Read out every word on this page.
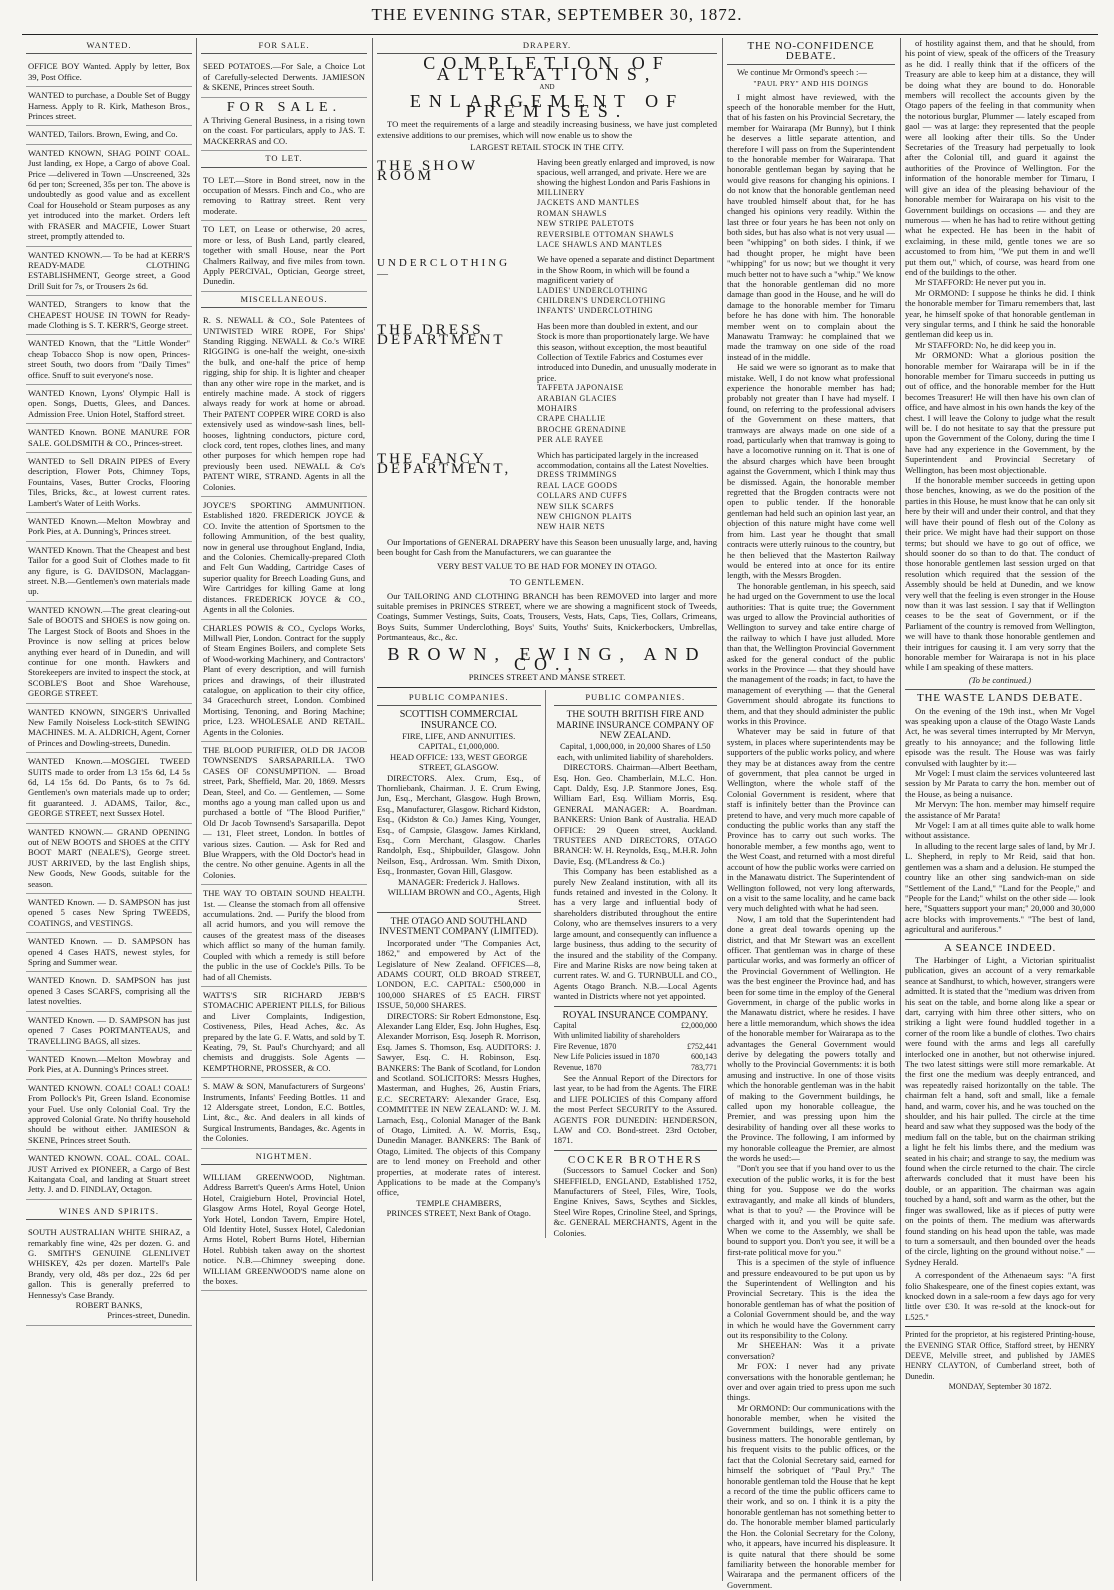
THE EVENING STAR, SEPTEMBER 30, 1872.
WANTED.
OFFICE BOY Wanted. Apply by letter, Box 39, Post Office.
WANTED to purchase, a Double Set of Buggy Harness. Apply to R. Kirk, Matheson Bros., Princes street.
WANTED, Tailors. Brown, Ewing, and Co.
WANTED KNOWN, SHAG POINT COAL. Just landing, ex Hope, a Cargo of above Coal. Price —delivered in Town —Unscreened, 32s 6d per ton; Screened, 35s per ton. The above is undoubtedly as good value and as excellent Coal for Household or Steam purposes as any yet introduced into the market. Orders left with FRASER and MACFIE, Lower Stuart street, promptly attended to.
WANTED KNOWN.— To be had at KERR'S READY-MADE CLOTHING ESTABLISHMENT, George street, a Good Drill Suit for 7s, or Trousers 2s 6d.
WANTED, Strangers to know that the CHEAPEST HOUSE IN TOWN for Ready-made Clothing is S. T. KERR'S, George street.
WANTED Known, that the "Little Wonder" cheap Tobacco Shop is now open, Princes-street South, two doors from "Daily Times" office. Snuff to suit everyone's nose.
WANTED Known, Lyons' Olympic Hall is open. Songs, Duetts, Glees, and Dances. Admission Free. Union Hotel, Stafford street.
WANTED Known. BONE MANURE FOR SALE. GOLDSMITH & CO., Princes-street.
WANTED to Sell DRAIN PIPES of Every description, Flower Pots, Chimney Tops, Fountains, Vases, Butter Crocks, Flooring Tiles, Bricks, &c., at lowest current rates. Lambert's Water of Leith Works.
WANTED Known.—Melton Mowbray and Pork Pies, at A. Dunning's, Princes street.
WANTED Known. That the Cheapest and best Tailor for a good Suit of Clothes made to fit any figure, is G. DAVIDSON, Maclaggan-street. N.B.—Gentlemen's own materials made up.
WANTED KNOWN.—The great clearing-out Sale of BOOTS and SHOES is now going on. The Largest Stock of Boots and Shoes in the Province is now selling at prices below anything ever heard of in Dunedin, and will continue for one month. Hawkers and Storekeepers are invited to inspect the stock, at SCOBLE'S Boot and Shoe Warehouse, GEORGE STREET.
WANTED KNOWN, SINGER'S Unrivalled New Family Noiseless Lock-stitch SEWING MACHINES. M. A. ALDRICH, Agent, Corner of Princes and Dowling-streets, Dunedin.
WANTED Known.—MOSGIEL TWEED SUITS made to order from L3 15s 6d, L4 5s 6d, L4 15s 6d. Do Pants, 6s to 7s 6d. Gentlemen's own materials made up to order; fit guaranteed. J. ADAMS, Tailor, &c., GEORGE STREET, next Sussex Hotel.
WANTED KNOWN.— GRAND OPENING out of NEW BOOTS and SHOES at the CITY BOOT MART (NEALE'S), George street. JUST ARRIVED, by the last English ships, New Goods, New Goods, suitable for the season.
WANTED Known. — D. SAMPSON has just opened 5 cases New Spring TWEEDS, COATINGS, and VESTINGS.
WANTED Known. — D. SAMPSON has opened 4 Cases HATS, newest styles, for Spring and Summer wear.
WANTED Known. D. SAMPSON has just opened 3 Cases SCARFS, comprising all the latest novelties.
WANTED Known. — D. SAMPSON has just opened 7 Cases PORTMANTEAUS, and TRAVELLING BAGS, all sizes.
WANTED Known.—Melton Mowbray and Pork Pies, at A. Dunning's Princes street.
WANTED KNOWN. COAL! COAL! COAL! From Pollock's Pit, Green Island. Economise your Fuel. Use only Colonial Coal. Try the approved Colonial Grate. No thrifty household should be without either. JAMIESON & SKENE, Princes street South.
WANTED KNOWN. COAL. COAL. COAL. JUST Arrived ex PIONEER, a Cargo of Best Kaitangata Coal, and landing at Stuart street Jetty. J. and D. FINDLAY, Octagon.
WINES AND SPIRITS.

SOUTH AUSTRALIAN WHITE SHIRAZ, a remarkably fine wine, 42s per dozen. G. and G. SMITH'S GENUINE GLENLIVET WHISKEY, 42s per dozen. Martell's Pale Brandy, very old, 48s per doz., 22s 6d per gallon. This is generally preferred to Hennessy's Case Brandy.

ROBERT BANKS,

Princes-street, Dunedin.

FOR SALE.
SEED POTATOES.—For Sale, a Choice Lot of Carefully-selected Derwents. JAMIESON & SKENE, Princes street South.
FOR SALE.

A Thriving General Business, in a rising town on the coast. For particulars, apply to JAS. T. MACKERRAS and CO.

TO LET.
TO LET.—Store in Bond street, now in the occupation of Messrs. Finch and Co., who are removing to Rattray street. Rent very moderate.
TO LET, on Lease or otherwise, 20 acres, more or less, of Bush Land, partly cleared, together with small House, near the Port Chalmers Railway, and five miles from town. Apply PERCIVAL, Optician, George street, Dunedin.
MISCELLANEOUS.
R. S. NEWALL & CO., Sole Patentees of UNTWISTED WIRE ROPE, For Ships' Standing Rigging. NEWALL & Co.'s WIRE RIGGING is one-half the weight, one-sixth the bulk, and one-half the price of hemp rigging, ship for ship. It is lighter and cheaper than any other wire rope in the market, and is entirely machine made. A stock of riggers always ready for work at home or abroad. Their PATENT COPPER WIRE CORD is also extensively used as window-sash lines, bell-hooses, lightning conductors, picture cord, clock cord, tent ropes, clothes lines, and many other purposes for which hempen rope had previously been used. NEWALL & Co's PATENT WIRE, STRAND. Agents in all the Colonies.
JOYCE'S SPORTING AMMUNITION. Established 1820. FREDERICK JOYCE & CO. Invite the attention of Sportsmen to the following Ammunition, of the best quality, now in general use throughout England, India, and the Colonies. Chemically-prepared Cloth and Felt Gun Wadding, Cartridge Cases of superior quality for Breech Loading Guns, and Wire Cartridges for killing Game at long distances. FREDERICK JOYCE & CO., Agents in all the Colonies.
CHARLES POWIS & CO., Cyclops Works, Millwall Pier, London. Contract for the supply of Steam Engines Boilers, and complete Sets of Wood-working Machinery, and Contractors' Plant of every description, and will furnish prices and drawings, of their illustrated catalogue, on application to their city office, 34 Gracechurch street, London. Combined Mortising, Tenoning, and Boring Machine; price, L23. WHOLESALE AND RETAIL. Agents in the Colonies.
THE BLOOD PURIFIER, OLD DR JACOB TOWNSEND'S SARSAPARILLA. TWO CASES OF CONSUMPTION. — Broad street, Park, Sheffield, Mar. 20, 1869. Messrs Dean, Steel, and Co. — Gentlemen, — Some months ago a young man called upon us and purchased a bottle of "The Blood Purifier," Old Dr Jacob Townsend's Sarsaparilla. Depot — 131, Fleet street, London. In bottles of various sizes. Caution. — Ask for Red and Blue Wrappers, with the Old Doctor's head in the centre. No other genuine. Agents in all the Colonies.
THE WAY TO OBTAIN SOUND HEALTH. 1st. — Cleanse the stomach from all offensive accumulations. 2nd. — Purify the blood from all acrid humors, and you will remove the causes of the greatest mass of the diseases which afflict so many of the human family. Coupled with which a remedy is still before the public in the use of Cockle's Pills. To be had of all Chemists.
WATTS'S SIR RICHARD JEBB'S STOMACHIC APERIENT PILLS, for Bilious and Liver Complaints, Indigestion, Costiveness, Piles, Head Aches, &c. As prepared by the late G. F. Watts, and sold by T. Keating, 79, St. Paul's Churchyard; and all chemists and druggists. Sole Agents — KEMPTHORNE, PROSSER, & CO.
S. MAW & SON, Manufacturers of Surgeons' Instruments, Infants' Feeding Bottles. 11 and 12 Aldersgate street, London, E.C. Bottles, Lint, &c., &c. And dealers in all kinds of Surgical Instruments, Bandages, &c. Agents in the Colonies.
NIGHTMEN.
WILLIAM GREENWOOD, Nightman. Address Barrett's Queen's Arms Hotel, Union Hotel, Craigieburn Hotel, Provincial Hotel, Glasgow Arms Hotel, Royal George Hotel, York Hotel, London Tavern, Empire Hotel, Old Identity Hotel, Sussex Hotel, Caledonian Arms Hotel, Robert Burns Hotel, Hibernian Hotel. Rubbish taken away on the shortest notice. N.B.—Chimney sweeping done. WILLIAM GREENWOOD'S name alone on the boxes.
DRAPERY.
COMPLETION OF ALTERATIONS,
AND
ENLARGEMENT OF PREMISES.

TO meet the requirements of a large and steadily increasing business, we have just completed extensive additions to our premises, which will now enable us to show the

LARGEST RETAIL STOCK IN THE CITY.
THE SHOW ROOM
Having been greatly enlarged and improved, is now spacious, well arranged, and private. Here we are showing the highest London and Paris Fashions in
MILLINERY
JACKETS AND MANTLES
ROMAN SHAWLS
NEW STRIPE PALETOTS
REVERSIBLE OTTOMAN SHAWLS
LACE SHAWLS AND MANTLES
UNDERCLOTHING—
We have opened a separate and distinct Department in the Show Room, in which will be found a magnificent variety of
LADIES' UNDERCLOTHING
CHILDREN'S UNDERCLOTHING
INFANTS' UNDERCLOTHING
THE DRESS DEPARTMENT
Has been more than doubled in extent, and our Stock is more than proportionately large. We have this season, without exception, the most beautiful Collection of Textile Fabrics and Costumes ever introduced into Dunedin, and unusually moderate in price.
TAFFETA JAPONAISE
ARABIAN GLACIES
MOHAIRS
CRAPE CHALLIE
BROCHE GRENADINE
PER ALE RAYEE
THE FANCY DEPARTMENT,
Which has participated largely in the increased accommodation, contains all the Latest Novelties.
DRESS TRIMMINGS
REAL LACE GOODS
COLLARS AND CUFFS
NEW SILK SCARFS
NEW CHIGNON PLAITS
NEW HAIR NETS

Our Importations of GENERAL DRAPERY have this Season been unusually large, and, having been bought for Cash from the Manufacturers, we can guarantee the

VERY BEST VALUE TO BE HAD FOR MONEY IN OTAGO.
TO GENTLEMEN.

Our TAILORING AND CLOTHING BRANCH has been REMOVED into larger and more suitable premises in PRINCES STREET, where we are showing a magnificent stock of Tweeds, Coatings, Summer Vestings, Suits, Coats, Trousers, Vests, Hats, Caps, Ties, Collars, Crimeans, Boys Suits, Summer Underclothing, Boys' Suits, Youths' Suits, Knickerbockers, Umbrellas, Portmanteaus, &c., &c.

BROWN, EWING, AND CO.,
PRINCES STREET AND MANSE STREET.
PUBLIC COMPANIES.
SCOTTISH COMMERCIAL INSURANCE CO.
FIRE, LIFE, AND ANNUITIES.
CAPITAL, £1,000,000.
HEAD OFFICE: 133, WEST GEORGE STREET, GLASGOW.

DIRECTORS. Alex. Crum, Esq., of Thornliebank, Chairman. J. E. Crum Ewing, Jun, Esq., Merchant, Glasgow. Hugh Brown, Esq., Manufacturer, Glasgow. Richard Kidston, Esq., (Kidston & Co.) James King, Younger, Esq., of Campsie, Glasgow. James Kirkland, Esq., Corn Merchant, Glasgow. Charles Randolph, Esq., Shipbuilder, Glasgow. John Neilson, Esq., Ardrossan. Wm. Smith Dixon, Esq., Ironmaster, Govan Hill, Glasgow.

MANAGER: Frederick J. Hallows.
WILLIAM BROWN and CO., Agents, High Street.
THE OTAGO AND SOUTHLAND INVESTMENT COMPANY (LIMITED).

Incorporated under "The Companies Act, 1862," and empowered by Act of the Legislature of New Zealand. OFFICES—8, ADAMS COURT, OLD BROAD STREET, LONDON, E.C. CAPITAL: £500,000 in 100,000 SHARES of £5 EACH. FIRST ISSUE, 50,000 SHARES.

DIRECTORS: Sir Robert Edmonstone, Esq. Alexander Lang Elder, Esq. John Hughes, Esq. Alexander Morrison, Esq. Joseph R. Morrison, Esq. James S. Thomson, Esq. AUDITORS: J. Sawyer, Esq. C. H. Robinson, Esq. BANKERS: The Bank of Scotland, for London and Scotland. SOLICITORS: Messrs Hughes, Masterman, and Hughes, 26, Austin Friars, E.C. SECRETARY: Alexander Grace, Esq. COMMITTEE IN NEW ZEALAND: W. J. M. Larnach, Esq., Colonial Manager of the Bank of Otago, Limited. A. W. Morris, Esq., Dunedin Manager. BANKERS: The Bank of Otago, Limited. The objects of this Company are to lend money on Freehold and other properties, at moderate rates of interest. Applications to be made at the Company's office,

TEMPLE CHAMBERS,
PRINCES STREET, Next Bank of Otago.
PUBLIC COMPANIES.
THE SOUTH BRITISH FIRE AND MARINE INSURANCE COMPANY OF NEW ZEALAND.
Capital, 1,000,000, in 20,000 Shares of L50 each, with unlimited liability of shareholders.

DIRECTORS. Chairman—Albert Beetham, Esq. Hon. Geo. Chamberlain, M.L.C. Hon. Capt. Daldy, Esq. J.P. Stanmore Jones, Esq. William Earl, Esq. William Morris, Esq. GENERAL MANAGER: A. Boardman. BANKERS: Union Bank of Australia. HEAD OFFICE: 29 Queen street, Auckland. TRUSTEES AND DIRECTORS, OTAGO BRANCH: W. H. Reynolds, Esq., M.H.R. John Davie, Esq. (M'Landress & Co.)

This Company has been established as a purely New Zealand institution, with all its funds retained and invested in the Colony. It has a very large and influential body of shareholders distributed throughout the entire Colony, who are themselves insurers to a very large amount, and consequently can influence a large business, thus adding to the security of the insured and the stability of the Company. Fire and Marine Risks are now being taken at current rates. W. and G. TURNBULL and CO., Agents Otago Branch. N.B.—Local Agents wanted in Districts where not yet appointed.

ROYAL INSURANCE COMPANY.
£2,000,000
Capital
With unlimited liability of shareholders
£752,441
Fire Revenue, 1870
600,143
New Life Policies issued in 1870
783,771
Revenue, 1870

See the Annual Report of the Directors for last year, to be had from the Agents. The FIRE and LIFE POLICIES of this Company afford the most Perfect SECURITY to the Assured. AGENTS FOR DUNEDIN: HENDERSON, LAW and CO. Bond-street. 23rd October, 1871.

COCKER BROTHERS

(Successors to Samuel Cocker and Son) SHEFFIELD, ENGLAND, Established 1752, Manufacturers of Steel, Files, Wire, Tools, Engine Knives, Saws, Scythes and Sickles, Steel Wire Ropes, Crinoline Steel, and Springs, &c. GENERAL MERCHANTS, Agent in the Colonies.

THE NO-CONFIDENCE DEBATE.

We continue Mr Ormond's speech :—

"PAUL PRY" AND HIS DOINGS

I might almost have reviewed, with the speech of the honorable member for the Hutt, that of his fasten on his Provincial Secretary, the member for Wairarapa (Mr Bunny), but I think he deserves a little separate attention, and therefore I will pass on from the Superintendent to the honorable member for Wairarapa. That honorable gentleman began by saying that he would give reasons for changing his opinions. I do not know that the honorable gentleman need have troubled himself about that, for he has changed his opinions very readily. Within the last three or four years he has been not only on both sides, but has also what is not very usual — been "whipping" on both sides. I think, if we had thought proper, he might have been "whipping" for us now; but we thought it very much better not to have such a "whip." We know that the honorable gentleman did no more damage than good in the House, and he will do damage to the honorable member for Timaru before he has done with him. The honorable member went on to complain about the Manawatu Tramway: he complained that we made the tramway on one side of the road instead of in the middle.

He said we were so ignorant as to make that mistake. Well, I do not know what professional experience the honorable member has had; probably not greater than I have had myself. I found, on referring to the professional advisers of the Government on these matters, that tramways are always made on one side of a road, particularly when that tramway is going to have a locomotive running on it. That is one of the absurd charges which have been brought against the Government, which I think may thus be dismissed. Again, the honorable member regretted that the Brogden contracts were not open to public tender. If the honorable gentleman had held such an opinion last year, an objection of this nature might have come well from him. Last year he thought that small contracts were utterly ruinous to the country, but he then believed that the Masterton Railway would be entered into at once for its entire length, with the Messrs Brogden.

The honorable gentleman, in his speech, said he had urged on the Government to use the local authorities: That is quite true; the Government was urged to allow the Provincial authorities of Wellington to survey and take entire charge of the railway to which I have just alluded. More than that, the Wellington Provincial Government asked for the general conduct of the public works in the Province — that they should have the management of the roads; in fact, to have the management of everything — that the General Government should abrogate its functions to them, and that they should administer the public works in this Province.

Whatever may be said in future of that system, in places where superintendents may be supporters of the public works policy, and where they may be at distances away from the centre of government, that plea cannot be urged in Wellington, where the whole staff of the Colonial Government is resident, where that staff is infinitely better than the Province can pretend to have, and very much more capable of conducting the public works than any staff the Province has to carry out such works. The honorable member, a few months ago, went to the West Coast, and returned with a most direful account of how the public works were carried on in the Manawatu district. The Superintendent of Wellington followed, not very long afterwards, on a visit to the same locality, and he came back very much delighted with what he had seen.

Now, I am told that the Superintendent had done a great deal towards opening up the district, and that Mr Stewart was an excellent officer. That gentleman was in charge of these particular works, and was formerly an officer of the Provincial Government of Wellington. He was the best engineer the Province had, and has been for some time in the employ of the General Government, in charge of the public works in the Manawatu district, where he resides. I have here a little memorandum, which shows the idea of the honorable member for Wairarapa as to the advantages the General Government would derive by delegating the powers totally and wholly to the Provincial Governments: it is both amusing and instructive. In one of those visits which the honorable gentleman was in the habit of making to the Government buildings, he called upon my honorable colleague, the Premier, and was pressing upon him the desirability of handing over all these works to the Province. The following, I am informed by my honorable colleague the Premier, are almost the words he used:—

"Don't you see that if you hand over to us the execution of the public works, it is for the best thing for you. Suppose we do the works extravagantly, and make all kinds of blunders, what is that to you? — the Province will be charged with it, and you will be quite safe. When we come to the Assembly, we shall be bound to support you. Don't you see, it will be a first-rate political move for you."

This is a specimen of the style of influence and pressure endeavoured to be put upon us by the Superintendent of Wellington and his Provincial Secretary. This is the idea the honorable gentleman has of what the position of a Colonial Government should be, and the way in which he would have the Government carry out its responsibility to the Colony.

Mr SHEEHAN: Was it a private conversation?

Mr FOX: I never had any private conversations with the honorable gentleman; he over and over again tried to press upon me such things.

Mr ORMOND: Our communications with the honorable member, when he visited the Government buildings, were entirely on business matters. The honorable gentleman, by his frequent visits to the public offices, or the fact that the Colonial Secretary said, earned for himself the sobriquet of "Paul Pry." The honorable gentleman told the House that he kept a record of the time the public officers came to their work, and so on. I think it is a pity the honorable gentleman has not something better to do. The honorable member blamed particularly the Hon. the Colonial Secretary for the Colony, who, it appears, have incurred his displeasure. It is quite natural that there should be some familiarity between the honorable member for Wairarapa and the permanent officers of the Government.

of hostility against them, and that he should, from his point of view, speak of the officers of the Treasury as he did. I really think that if the officers of the Treasury are able to keep him at a distance, they will be doing what they are bound to do. Honorable members will recollect the accounts given by the Otago papers of the feeling in that community when the notorious burglar, Plummer — lately escaped from gaol — was at large: they represented that the people were all looking after their tills. So the Under Secretaries of the Treasury had perpetually to look after the Colonial till, and guard it against the authorities of the Province of Wellington. For the information of the honorable member for Timaru, I will give an idea of the pleasing behaviour of the honorable member for Wairarapa on his visit to the Government buildings on occasions — and they are numerous — when he has had to retire without getting what he expected. He has been in the habit of exclaiming, in these mild, gentle tones we are so accustomed to from him, "We put them in and we'll put them out," which, of course, was heard from one end of the buildings to the other.

Mr STAFFORD: He never put you in.

Mr ORMOND: I suppose he thinks he did. I think the honorable member for Timaru remembers that, last year, he himself spoke of that honorable gentleman in very singular terms, and I think he said the honorable gentleman did keep us in.

Mr STAFFORD: No, he did keep you in.

Mr ORMOND: What a glorious position the honorable member for Wairarapa will be in if the honorable member for Timaru succeeds in putting us out of office, and the honorable member for the Hutt becomes Treasurer! He will then have his own clan of office, and have almost in his own hands the key of the chest. I will leave the Colony to judge what the result will be. I do not hesitate to say that the pressure put upon the Government of the Colony, during the time I have had any experience in the Government, by the Superintendent and Provincial Secretary of Wellington, has been most objectionable.

If the honorable member succeeds in getting upon those benches, knowing, as we do the position of the parties in this House, he must know that he can only sit here by their will and under their control, and that they will have their pound of flesh out of the Colony as their price. We might have had their support on those terms; but should we have to go out of office, we should sooner do so than to do that. The conduct of those honorable gentlemen last session urged on that resolution which required that the session of the Assembly should be held at Dunedin, and we know very well that the feeling is even stronger in the House now than it was last session. I say that if Wellington ceases to be the seat of Government, or if the Parliament of the country is removed from Wellington, we will have to thank those honorable gentlemen and their intrigues for causing it. I am very sorry that the honorable member for Wairarapa is not in his place while I am speaking of these matters.

(To be continued.)
THE WASTE LANDS DEBATE.

On the evening of the 19th inst., when Mr Vogel was speaking upon a clause of the Otago Waste Lands Act, he was several times interrupted by Mr Mervyn, greatly to his annoyance; and the following little episode was the result. The House was was fairly convulsed with laughter by it:—

Mr Vogel: I must claim the services volunteered last session by Mr Parata to carry the hon. member out of the House, as being a nuisance.

Mr Mervyn: The hon. member may himself require the assistance of Mr Parata!

Mr Vogel: I am at all times quite able to walk home without assistance.

In alluding to the recent large sales of land, by Mr J. L. Shepherd, in reply to Mr Reid, said that hon. gentlemen was a sham and a delusion. He stumped the country like an other sing sandwich-man on side "Settlement of the Land," "Land for the People," and "People for the Land;" whilst on the other side — look here, "Squatters support your man;" 20,000 and 30,000 acre blocks with improvements." "The best of land, agricultural and auriferous."

A SEANCE INDEED.

The Harbinger of Light, a Victorian spiritualist publication, gives an account of a very remarkable seance at Sandhurst, to which, however, strangers were admitted. It is stated that the "medium was driven from his seat on the table, and borne along like a spear or dart, carrying with him three other sitters, who on striking a light were found huddled together in a corner of the room like a bundle of clothes. Two chairs were found with the arms and legs all carefully interlocked one in another, but not otherwise injured. The two latest sittings were still more remarkable. At the first one the medium was deeply entranced, and was repeatedly raised horizontally on the table. The chairman felt a hand, soft and small, like a female hand, and warm, cover his, and he was touched on the shoulder, and his hair pulled. The circle at the time heard and saw what they supposed was the body of the medium fall on the table, but on the chairman striking a light he felt his limbs there, and the medium was seated in his chair; and strange to say, the medium was found when the circle returned to the chair. The circle afterwards concluded that it must have been his double, or an apparition. The chairman was again touched by a hand, soft and warm as the other, but the finger was swallowed, like as if pieces of putty were on the points of them. The medium was afterwards found standing on his head upon the table, was made to turn a somersault, and then bounded over the heads of the circle, lighting on the ground without noise." — Sydney Herald.

A correspondent of the Athenaeum says: "A first folio Shakespeare, one of the finest copies extant, was knocked down in a sale-room a few days ago for very little over £30. It was re-sold at the knock-out for L525."

Printed for the proprietor, at his registered Printing-house, the EVENING STAR Office, Stafford street, by HENRY DEEVE, Melville street, and published by JAMES HENRY CLAYTON, of Cumberland street, both of Dunedin.
MONDAY, September 30 1872.
